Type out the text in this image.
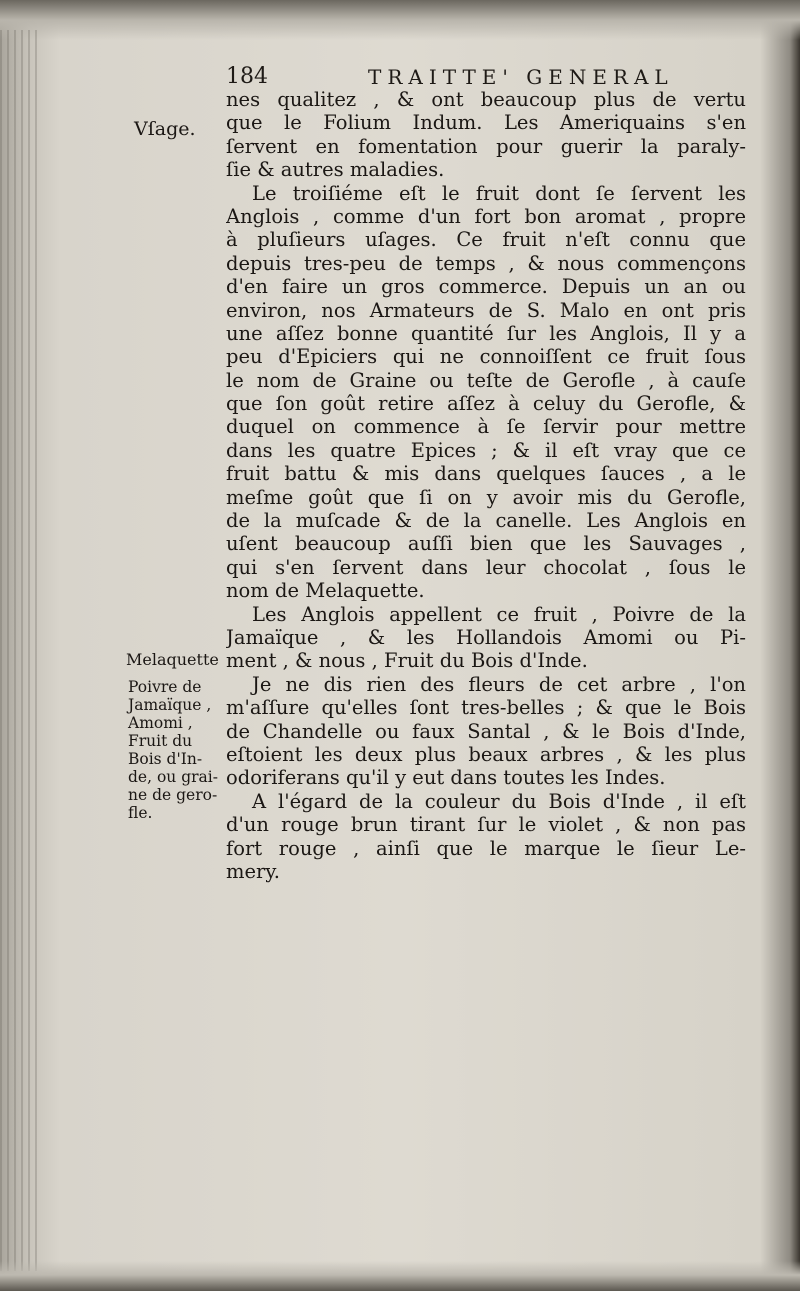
184	TRAITTE' GENERAL
Vſage.
Melaquette
Poivre de
Jamaïque ,
Amomi ,
Fruit du
Bois d'In-
de, ou grai-
ne de gero-
fle.
nes qualitez , & ont beaucoup plus de vertu
que le Folium Indum. Les Ameriquains s'en
ſervent en fomentation pour guerir la paraly-
ſie & autres maladies.
Le troiſiéme eſt le fruit dont ſe ſervent les
Anglois , comme d'un fort bon aromat , propre
à pluſieurs uſages. Ce fruit n'eſt connu que
depuis tres-peu de temps , & nous commençons
d'en faire un gros commerce. Depuis un an ou
environ, nos Armateurs de S. Malo en ont pris
une aſſez bonne quantité ſur les Anglois, Il y a
peu d'Epiciers qui ne connoiſſent ce fruit ſous
le nom de Graine ou teſte de Gerofle , à cauſe
que ſon goût retire aſſez à celuy du Gerofle, &
duquel on commence à ſe ſervir pour mettre
dans les quatre Epices ; & il eſt vray que ce
fruit battu & mis dans quelques ſauces , a le
meſme goût que ſi on y avoir mis du Gerofle,
de la muſcade & de la canelle. Les Anglois en
uſent beaucoup auſſi bien que les Sauvages ,
qui s'en ſervent dans leur chocolat , ſous le
nom de Melaquette.
Les Anglois appellent ce fruit , Poivre de la
Jamaïque , & les Hollandois Amomi ou Pi-
ment , & nous , Fruit du Bois d'Inde.
Je ne dis rien des fleurs de cet arbre , l'on
m'aſſure qu'elles ſont tres-belles ; & que le Bois
de Chandelle ou faux Santal , & le Bois d'Inde,
eſtoient les deux plus beaux arbres , & les plus
odoriferans qu'il y eut dans toutes les Indes.
A l'égard de la couleur du Bois d'Inde , il eſt
d'un rouge brun tirant ſur le violet , & non pas
fort rouge , ainſi que le marque le ſieur Le-
mery.
